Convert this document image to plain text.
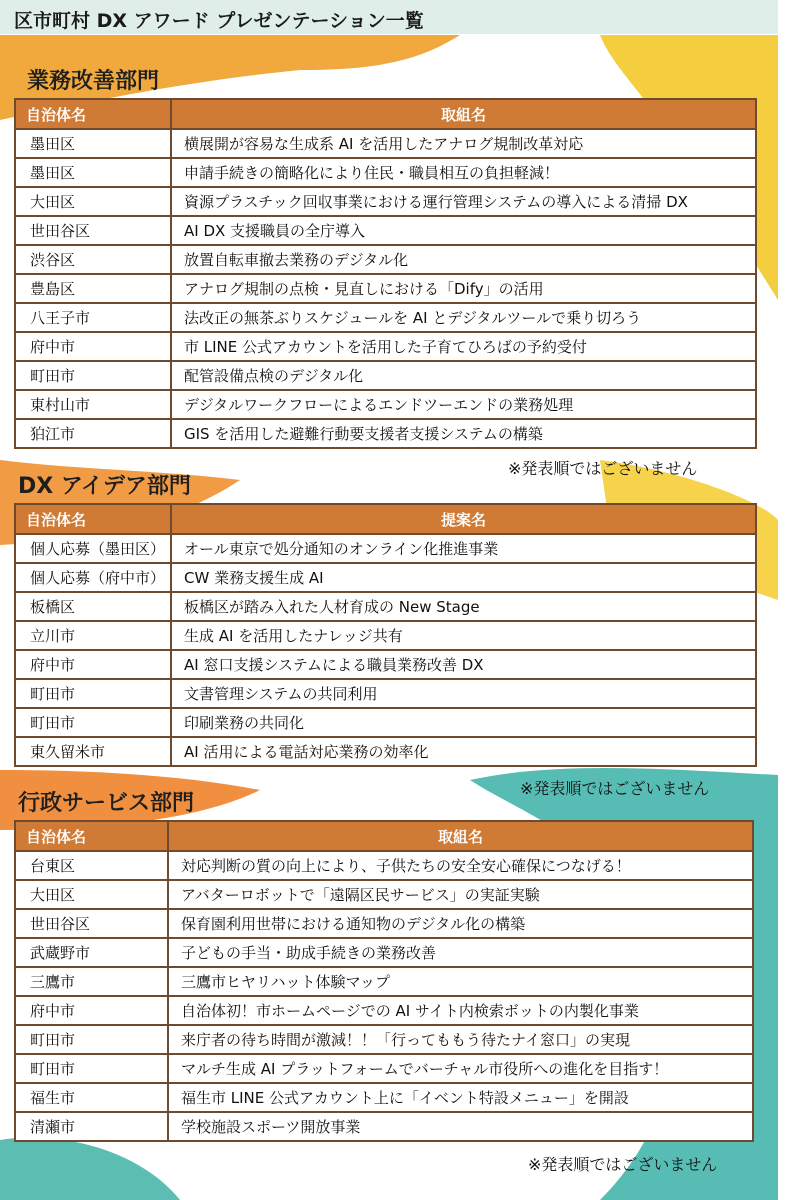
区市町村 DX アワード プレゼンテーション一覧
業務改善部門
自治体名	取組名
墨田区	横展開が容易な生成系 AI を活用したアナログ規制改革対応
墨田区	申請手続きの簡略化により住民・職員相互の負担軽減！
大田区	資源プラスチック回収事業における運行管理システムの導入による清掃 DX
世田谷区	AI DX 支援職員の全庁導入
渋谷区	放置自転車撤去業務のデジタル化
豊島区	アナログ規制の点検・見直しにおける「Dify」の活用
八王子市	法改正の無茶ぶりスケジュールを AI とデジタルツールで乗り切ろう
府中市	市 LINE 公式アカウントを活用した子育てひろばの予約受付
町田市	配管設備点検のデジタル化
東村山市	デジタルワークフローによるエンドツーエンドの業務処理
狛江市	GIS を活用した避難行動要支援者支援システムの構築
※発表順ではございません
DX アイデア部門
自治体名	提案名
個人応募（墨田区）	オール東京で処分通知のオンライン化推進事業
個人応募（府中市）	CW 業務支援生成 AI
板橋区	板橋区が踏み入れた人材育成の New Stage
立川市	生成 AI を活用したナレッジ共有
府中市	AI 窓口支援システムによる職員業務改善 DX
町田市	文書管理システムの共同利用
町田市	印刷業務の共同化
東久留米市	AI 活用による電話対応業務の効率化
※発表順ではございません
行政サービス部門
自治体名	取組名
台東区	対応判断の質の向上により、子供たちの安全安心確保につなげる！
大田区	アバターロボットで「遠隔区民サービス」の実証実験
世田谷区	保育園利用世帯における通知物のデジタル化の構築
武蔵野市	子どもの手当・助成手続きの業務改善
三鷹市	三鷹市ヒヤリハット体験マップ
府中市	自治体初！市ホームページでの AI サイト内検索ボットの内製化事業
町田市	来庁者の待ち時間が激減！！「行ってももう待たナイ窓口」の実現
町田市	マルチ生成 AI プラットフォームでバーチャル市役所への進化を目指す！
福生市	福生市 LINE 公式アカウント上に「イベント特設メニュー」を開設
清瀬市	学校施設スポーツ開放事業
※発表順ではございません
